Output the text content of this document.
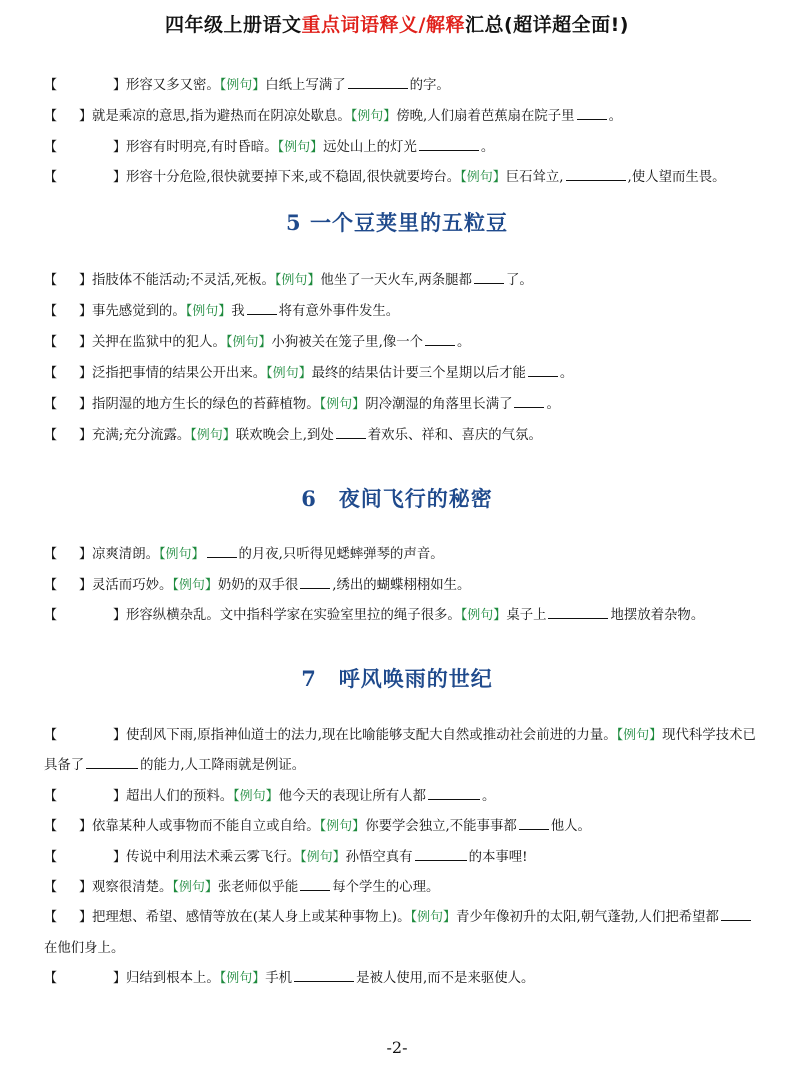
四年级上册语文重点词语释义/解释汇总(超详超全面!)

【	】形容又多又密。【例句】白纸上写满了	的字。

【 】就是乘凉的意思,指为避热而在阴凉处歇息。【例句】傍晚,人们扇着芭蕉扇在院子里	。

【	】形容有时明亮,有时昏暗。【例句】远处山上的灯光	。

【	】形容十分危险,很快就要掉下来,或不稳固,很快就要垮台。【例句】巨石耸立,	,使人望而生畏。

5 一个豆荚里的五粒豆

【 】指肢体不能活动;不灵活,死板。【例句】他坐了一天火车,两条腿都	了。

【 】事先感觉到的。【例句】我	将有意外事件发生。

【 】关押在监狱中的犯人。【例句】小狗被关在笼子里,像一个	。

【 】泛指把事情的结果公开出来。【例句】最终的结果估计要三个星期以后才能	。

【 】指阴湿的地方生长的绿色的苔藓植物。【例句】阴冷潮湿的角落里长满了	。

【 】充满;充分流露。【例句】联欢晚会上,到处	着欢乐、祥和、喜庆的气氛。

6　夜间飞行的秘密

【 】凉爽清朗。【例句】	的月夜,只听得见蟋蟀弹琴的声音。

【 】灵活而巧妙。【例句】奶奶的双手很	,绣出的蝴蝶栩栩如生。

【	】形容纵横杂乱。文中指科学家在实验室里拉的绳子很多。【例句】桌子上	地摆放着杂物。

7　呼风唤雨的世纪

【	】使刮风下雨,原指神仙道士的法力,现在比喻能够支配大自然或推动社会前进的力量。【例句】现代科学技术已具备了	的能力,人工降雨就是例证。

【	】超出人们的预料。【例句】他今天的表现让所有人都	。

【 】依靠某种人或事物而不能自立或自给。【例句】你要学会独立,不能事事都	他人。

【	】传说中利用法术乘云雾飞行。【例句】孙悟空真有	的本事哩!

【 】观察很清楚。【例句】张老师似乎能	每个学生的心理。

【 】把理想、希望、感情等放在(某人身上或某种事物上)。【例句】青少年像初升的太阳,朝气蓬勃,人们把希望都在他们身上。

【	】归结到根本上。【例句】手机	是被人使用,而不是来驱使人。

-2-
